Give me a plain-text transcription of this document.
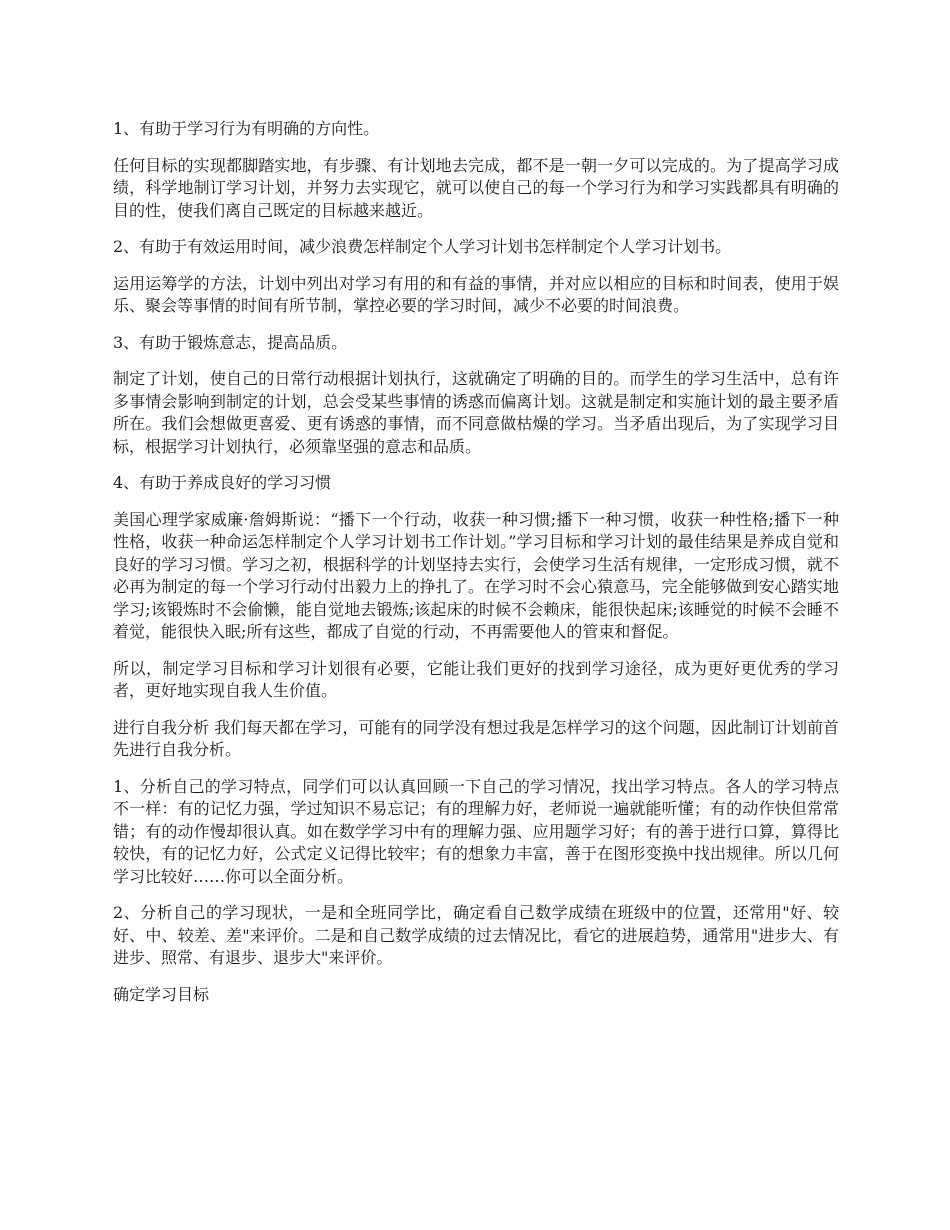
1、有助于学习行为有明确的方向性。

任何目标的实现都脚踏实地，有步骤、有计划地去完成，都不是一朝一夕可以完成的。为了提高学习成绩，科学地制订学习计划，并努力去实现它，就可以使自己的每一个学习行为和学习实践都具有明确的目的性，使我们离自己既定的目标越来越近。

2、有助于有效运用时间，减少浪费怎样制定个人学习计划书怎样制定个人学习计划书。

运用运筹学的方法，计划中列出对学习有用的和有益的事情，并对应以相应的目标和时间表，使用于娱乐、聚会等事情的时间有所节制，掌控必要的学习时间，减少不必要的时间浪费。

3、有助于锻炼意志，提高品质。

制定了计划，使自己的日常行动根据计划执行，这就确定了明确的目的。而学生的学习生活中，总有许多事情会影响到制定的计划，总会受某些事情的诱惑而偏离计划。这就是制定和实施计划的最主要矛盾所在。我们会想做更喜爱、更有诱惑的事情，而不同意做枯燥的学习。当矛盾出现后，为了实现学习目标，根据学习计划执行，必须靠坚强的意志和品质。

4、有助于养成良好的学习习惯

美国心理学家威廉·詹姆斯说：“播下一个行动，收获一种习惯;播下一种习惯，收获一种性格;播下一种性格，收获一种命运怎样制定个人学习计划书工作计划。”学习目标和学习计划的最佳结果是养成自觉和良好的学习习惯。学习之初，根据科学的计划坚持去实行，会使学习生活有规律，一定形成习惯，就不必再为制定的每一个学习行动付出毅力上的挣扎了。在学习时不会心猿意马，完全能够做到安心踏实地学习;该锻炼时不会偷懒，能自觉地去锻炼;该起床的时候不会赖床，能很快起床;该睡觉的时候不会睡不着觉，能很快入眠;所有这些，都成了自觉的行动，不再需要他人的管束和督促。

所以，制定学习目标和学习计划很有必要，它能让我们更好的找到学习途径，成为更好更优秀的学习者，更好地实现自我人生价值。

进行自我分析 我们每天都在学习，可能有的同学没有想过我是怎样学习的这个问题，因此制订计划前首先进行自我分析。

1、分析自己的学习特点，同学们可以认真回顾一下自己的学习情况，找出学习特点。各人的学习特点不一样：有的记忆力强，学过知识不易忘记；有的理解力好，老师说一遍就能听懂；有的动作快但常常错；有的动作慢却很认真。如在数学学习中有的理解力强、应用题学习好；有的善于进行口算，算得比较快，有的记忆力好，公式定义记得比较牢；有的想象力丰富，善于在图形变换中找出规律。所以几何学习比较好……你可以全面分析。

2、分析自己的学习现状，一是和全班同学比，确定看自己数学成绩在班级中的位置，还常用"好、较好、中、较差、差"来评价。二是和自己数学成绩的过去情况比，看它的进展趋势，通常用"进步大、有进步、照常、有退步、退步大"来评价。

确定学习目标
